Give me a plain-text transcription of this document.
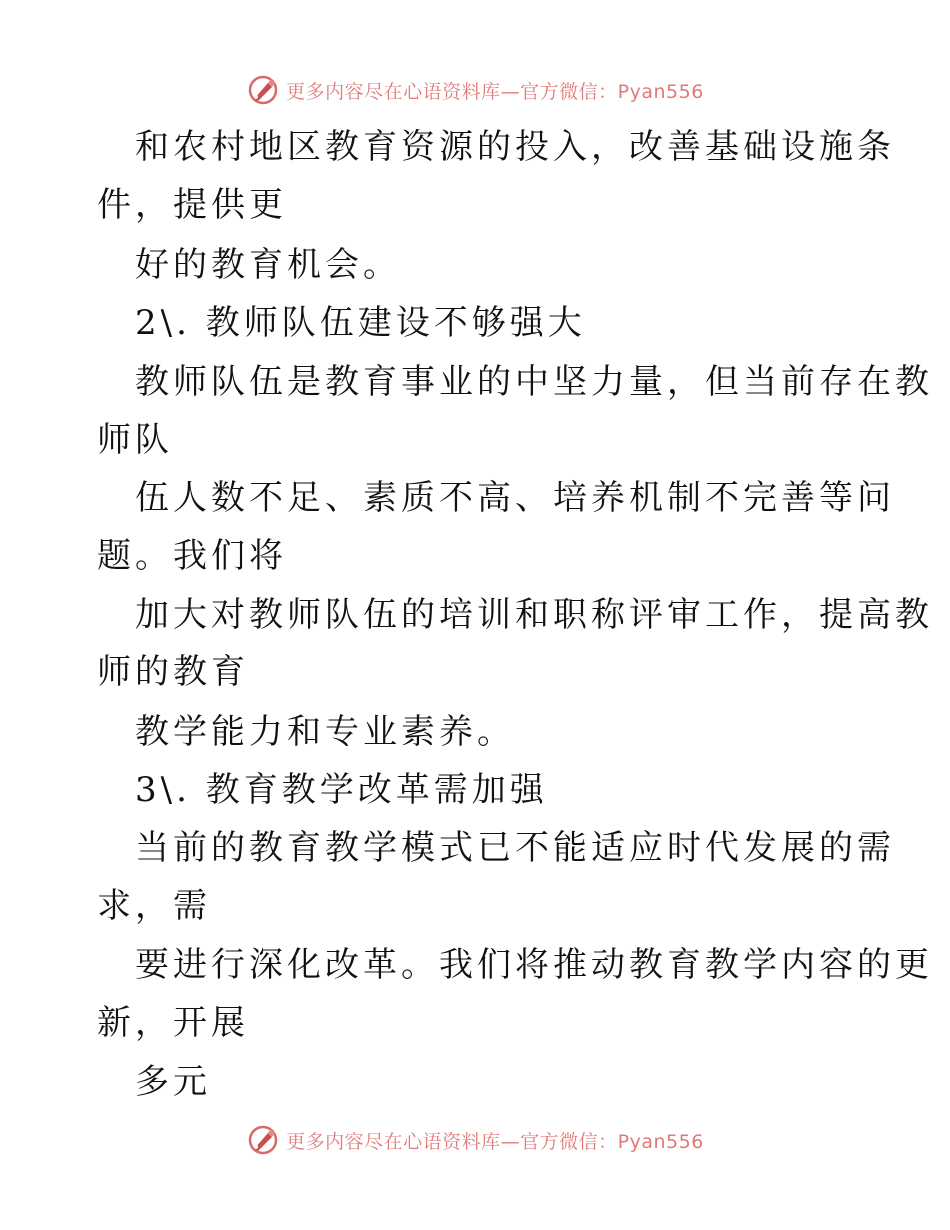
更多内容尽在心语资料库—官方微信：Pyan556
和农村地区教育资源的投入，改善基础设施条
件，提供更
好的教育机会。
2\. 教师队伍建设不够强大
教师队伍是教育事业的中坚力量，但当前存在教
师队
伍人数不足、素质不高、培养机制不完善等问
题。我们将
加大对教师队伍的培训和职称评审工作，提高教
师的教育
教学能力和专业素养。
3\. 教育教学改革需加强
当前的教育教学模式已不能适应时代发展的需
求，需
要进行深化改革。我们将推动教育教学内容的更
新，开展
多元
更多内容尽在心语资料库—官方微信：Pyan556
